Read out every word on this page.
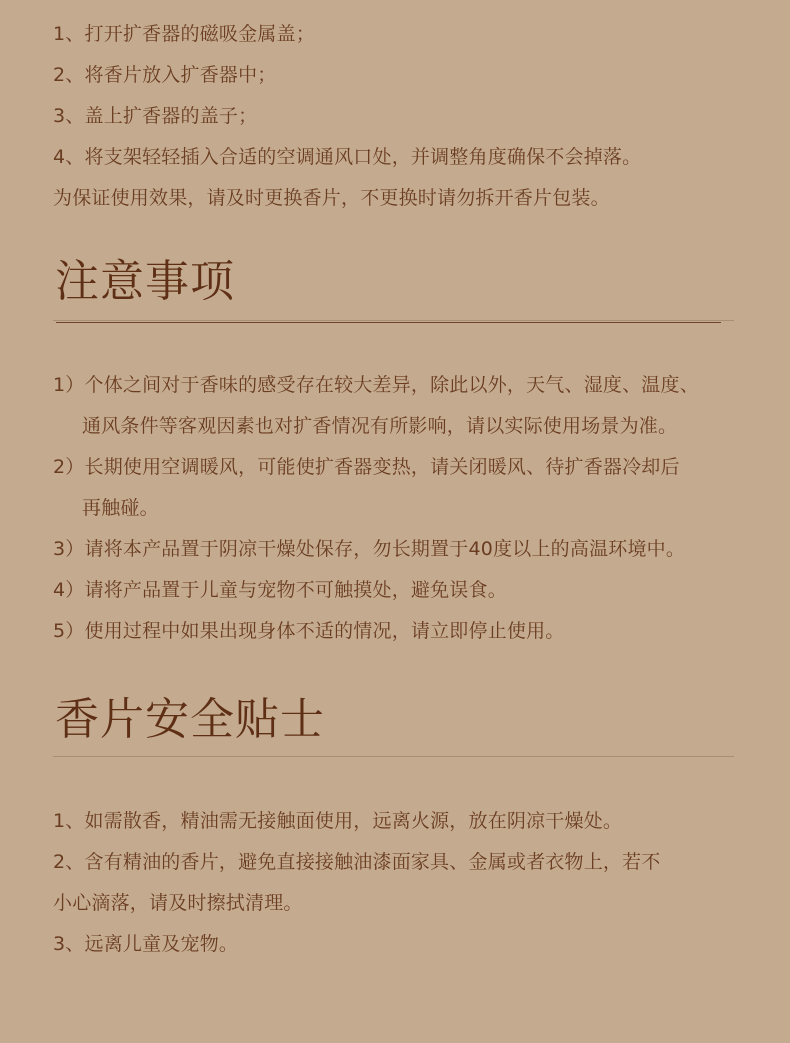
1、打开扩香器的磁吸金属盖；
2、将香片放入扩香器中；
3、盖上扩香器的盖子；
4、将支架轻轻插入合适的空调通风口处，并调整角度确保不会掉落。
为保证使用效果，请及时更换香片，不更换时请勿拆开香片包装。
注意事项
1）个体之间对于香味的感受存在较大差异，除此以外，天气、湿度、温度、
通风条件等客观因素也对扩香情况有所影响，请以实际使用场景为准。
2）长期使用空调暖风，可能使扩香器变热，请关闭暖风、待扩香器冷却后
再触碰。
3）请将本产品置于阴凉干燥处保存，勿长期置于40度以上的高温环境中。
4）请将产品置于儿童与宠物不可触摸处，避免误食。
5）使用过程中如果出现身体不适的情况，请立即停止使用。
香片安全贴士
1、如需散香，精油需无接触面使用，远离火源，放在阴凉干燥处。
2、含有精油的香片，避免直接接触油漆面家具、金属或者衣物上，若不
小心滴落，请及时擦拭清理。
3、远离儿童及宠物。
